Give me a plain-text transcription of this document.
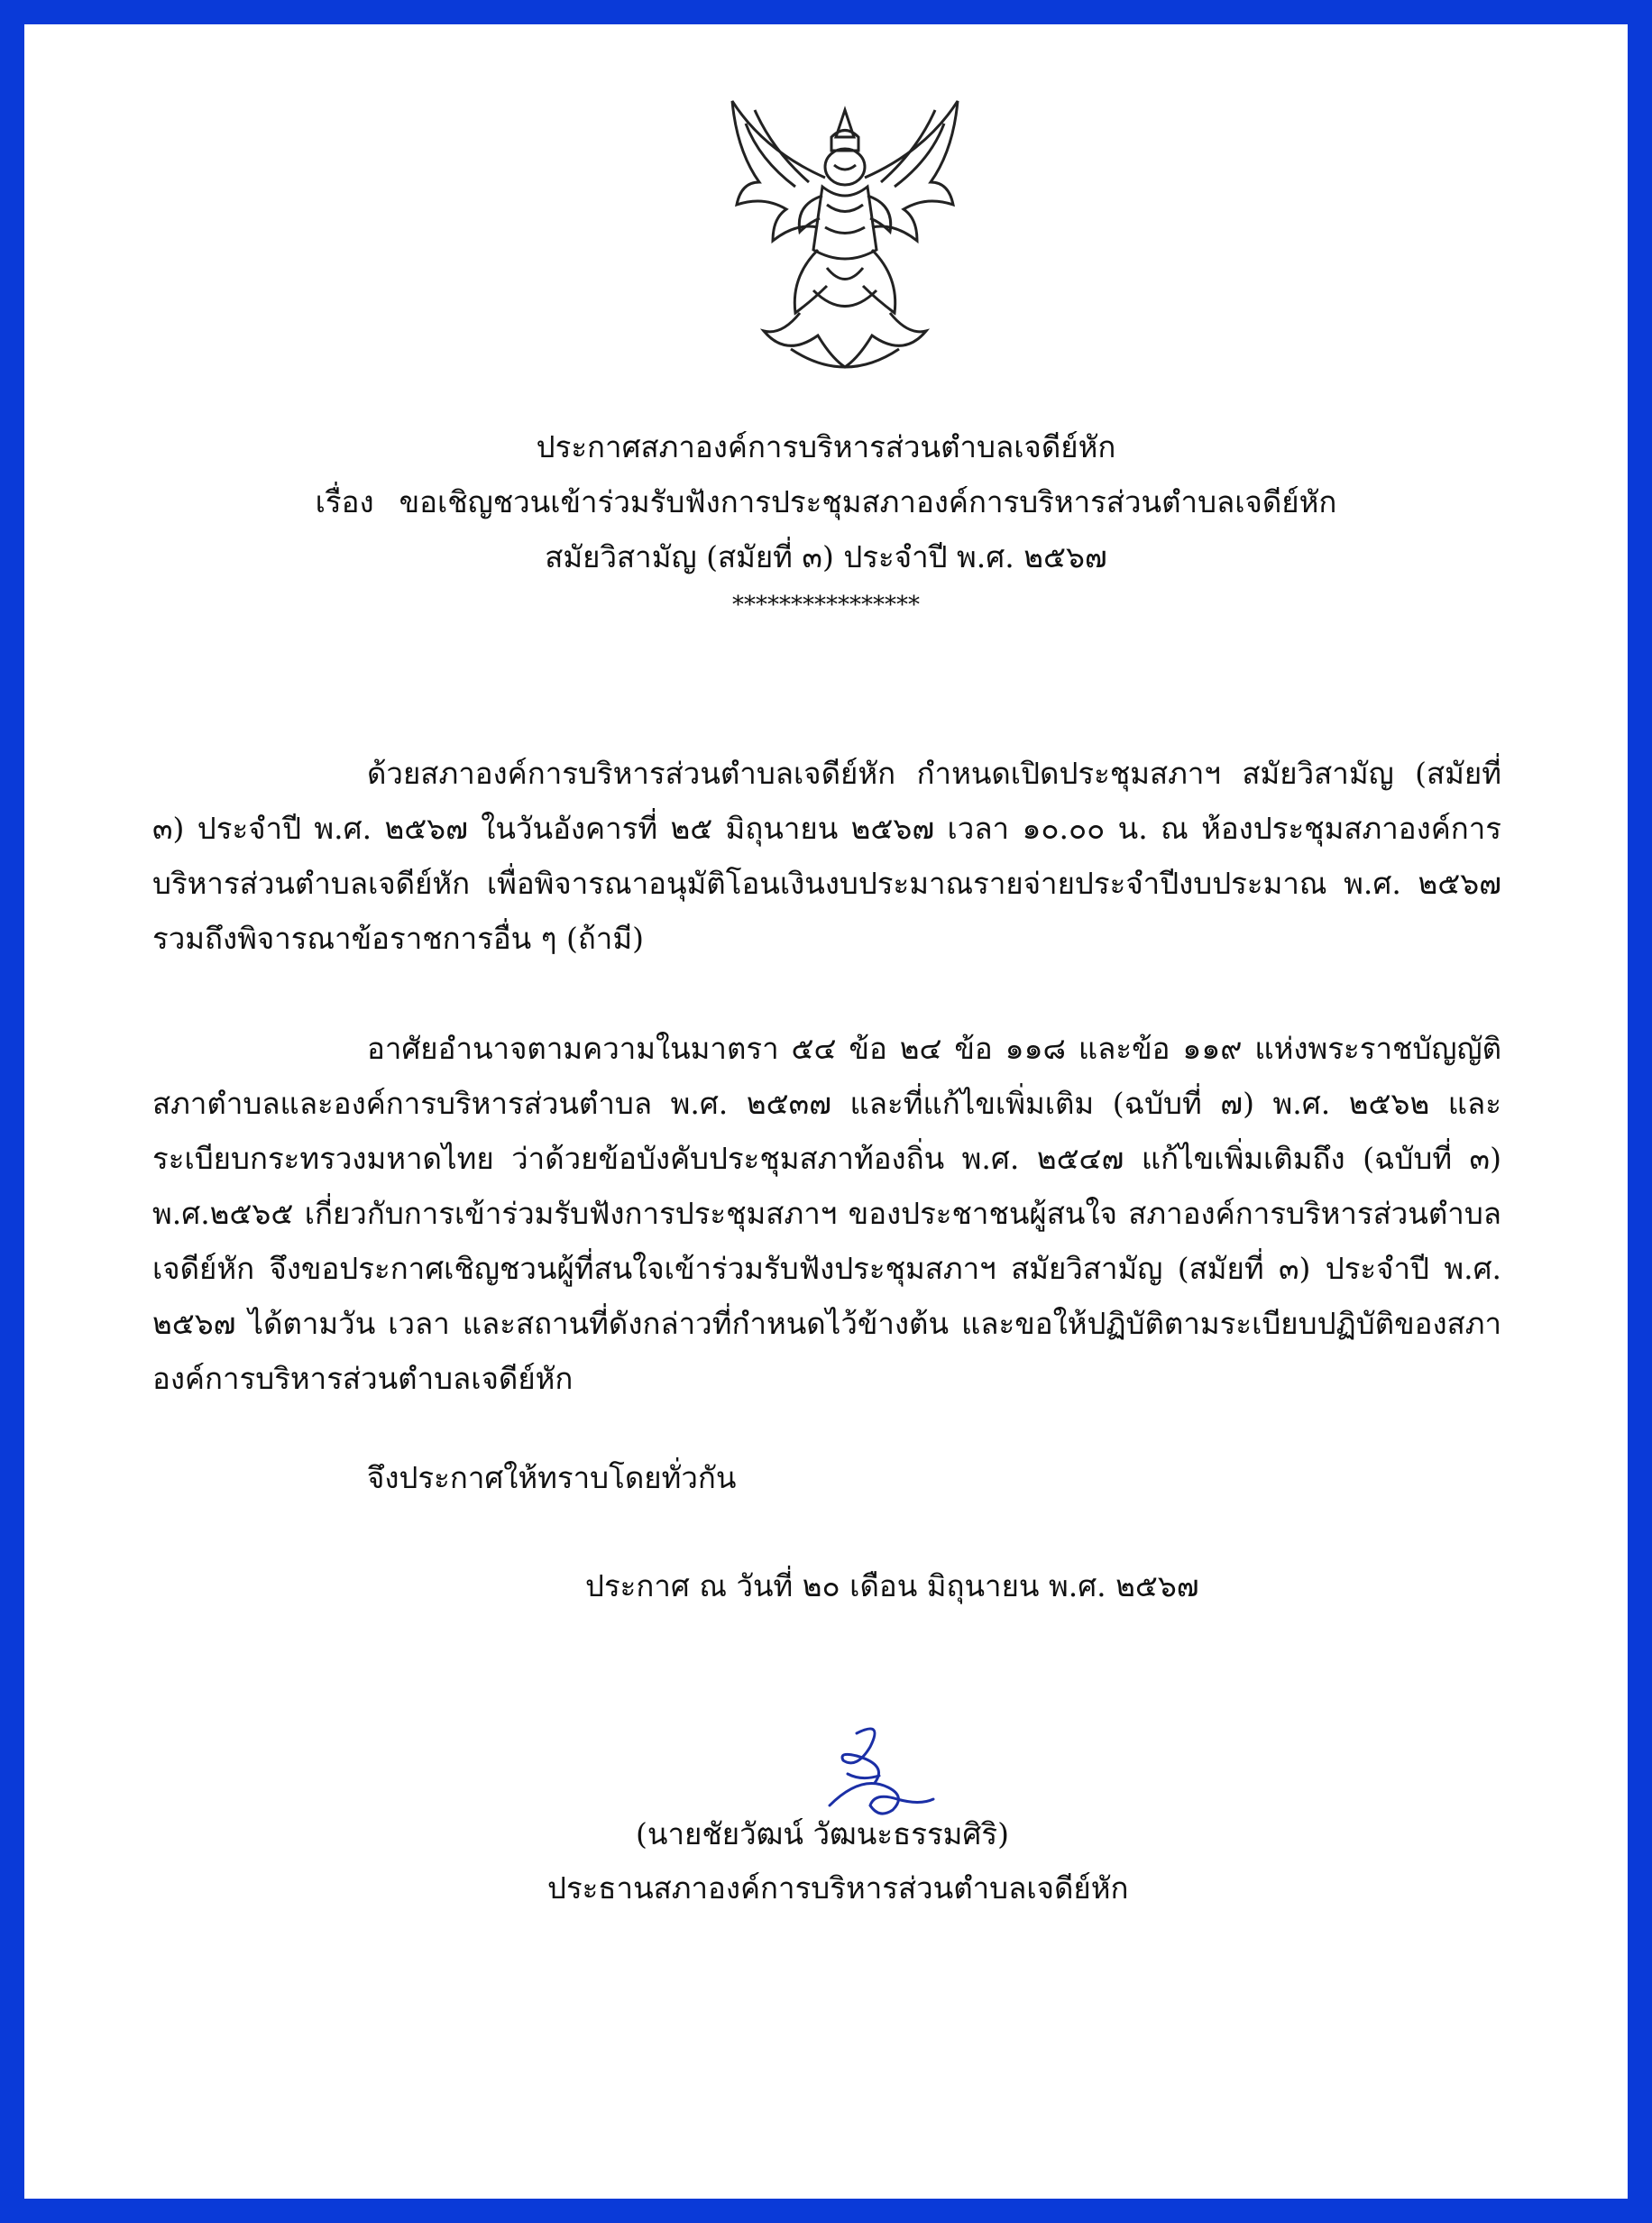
ประกาศสภาองค์การบริหารส่วนตำบลเจดีย์หัก
เรื่อง ขอเชิญชวนเข้าร่วมรับฟังการประชุมสภาองค์การบริหารส่วนตำบลเจดีย์หัก
สมัยวิสามัญ (สมัยที่ ๓) ประจำปี พ.ศ. ๒๕๖๗
****************
ด้วยสภาองค์การบริหารส่วนตำบลเจดีย์หัก กำหนดเปิดประชุมสภาฯ สมัยวิสามัญ (สมัยที่ ๓) ประจำปี พ.ศ. ๒๕๖๗ ในวันอังคารที่ ๒๕ มิถุนายน ๒๕๖๗ เวลา ๑๐.๐๐ น. ณ ห้องประชุมสภาองค์การบริหารส่วนตำบลเจดีย์หัก เพื่อพิจารณาอนุมัติโอนเงินงบประมาณรายจ่ายประจำปีงบประมาณ พ.ศ. ๒๕๖๗ รวมถึงพิจารณาข้อราชการอื่น ๆ (ถ้ามี)
อาศัยอำนาจตามความในมาตรา ๕๔ ข้อ ๒๔ ข้อ ๑๑๘ และข้อ ๑๑๙ แห่งพระราชบัญญัติสภาตำบลและองค์การบริหารส่วนตำบล พ.ศ. ๒๕๓๗ และที่แก้ไขเพิ่มเติม (ฉบับที่ ๗) พ.ศ. ๒๕๖๒ และระเบียบกระทรวงมหาดไทย ว่าด้วยข้อบังคับประชุมสภาท้องถิ่น พ.ศ. ๒๕๔๗ แก้ไขเพิ่มเติมถึง (ฉบับที่ ๓) พ.ศ.๒๕๖๕ เกี่ยวกับการเข้าร่วมรับฟังการประชุมสภาฯ ของประชาชนผู้สนใจ สภาองค์การบริหารส่วนตำบลเจดีย์หัก จึงขอประกาศเชิญชวนผู้ที่สนใจเข้าร่วมรับฟังประชุมสภาฯ สมัยวิสามัญ (สมัยที่ ๓) ประจำปี พ.ศ. ๒๕๖๗ ได้ตามวัน เวลา และสถานที่ดังกล่าวที่กำหนดไว้ข้างต้น และขอให้ปฏิบัติตามระเบียบปฏิบัติของสภาองค์การบริหารส่วนตำบลเจดีย์หัก
จึงประกาศให้ทราบโดยทั่วกัน
ประกาศ ณ วันที่ ๒๐ เดือน มิถุนายน พ.ศ. ๒๕๖๗
(นายชัยวัฒน์ วัฒนะธรรมศิริ)
ประธานสภาองค์การบริหารส่วนตำบลเจดีย์หัก
